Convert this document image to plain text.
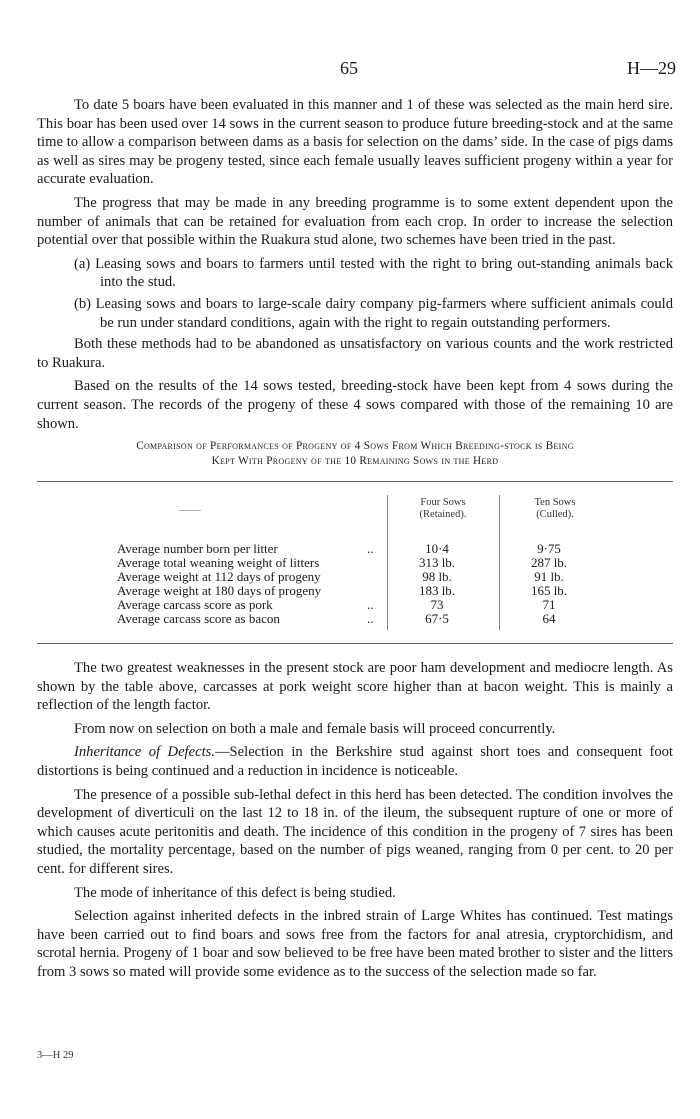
65	H—29

To date 5 boars have been evaluated in this manner and 1 of these was selected as the main herd sire. This boar has been used over 14 sows in the current season to produce future breeding-stock and at the same time to allow a comparison between dams as a basis for selection on the dams’ side. In the case of pigs dams as well as sires may be progeny tested, since each female usually leaves sufficient progeny within a year for accurate evaluation.

The progress that may be made in any breeding programme is to some extent dependent upon the number of animals that can be retained for evaluation from each crop. In order to increase the selection potential over that possible within the Ruakura stud alone, two schemes have been tried in the past.

(a) Leasing sows and boars to farmers until tested with the right to bring out-standing animals back into the stud.

(b) Leasing sows and boars to large-scale dairy company pig-farmers where sufficient animals could be run under standard conditions, again with the right to regain outstanding performers.

Both these methods had to be abandoned as unsatisfactory on various counts and the work restricted to Ruakura.

Based on the results of the 14 sows tested, breeding-stock have been kept from 4 sows during the current season. The records of the progeny of these 4 sows compared with those of the remaining 10 are shown.

Comparison of Performances of Progeny of 4 Sows From Which Breeding-stock is Being
Kept With Progeny of the 10 Remaining Sows in the Herd
——
Four Sows
(Retained).
Ten Sows
(Culled).
Average number born per litter	..	10·4	9·75
Average total weaning weight of litters	313 lb.	287 lb.
Average weight at 112 days of progeny	98 lb.	91 lb.
Average weight at 180 days of progeny	183 lb.	165 lb.
Average carcass score as pork	..	73	71
Average carcass score as bacon	..	67·5	64

The two greatest weaknesses in the present stock are poor ham development and mediocre length. As shown by the table above, carcasses at pork weight score higher than at bacon weight. This is mainly a reflection of the length factor.

From now on selection on both a male and female basis will proceed concurrently.

Inheritance of Defects.—Selection in the Berkshire stud against short toes and consequent foot distortions is being continued and a reduction in incidence is noticeable.

The presence of a possible sub-lethal defect in this herd has been detected. The condition involves the development of diverticuli on the last 12 to 18 in. of the ileum, the subsequent rupture of one or more of which causes acute peritonitis and death. The incidence of this condition in the progeny of 7 sires has been studied, the mortality percentage, based on the number of pigs weaned, ranging from 0 per cent. to 20 per cent. for different sires.

The mode of inheritance of this defect is being studied.

Selection against inherited defects in the inbred strain of Large Whites has continued. Test matings have been carried out to find boars and sows free from the factors for anal atresia, cryptorchidism, and scrotal hernia. Progeny of 1 boar and sow believed to be free have been mated brother to sister and the litters from 3 sows so mated will provide some evidence as to the success of the selection made so far.

3—H 29
